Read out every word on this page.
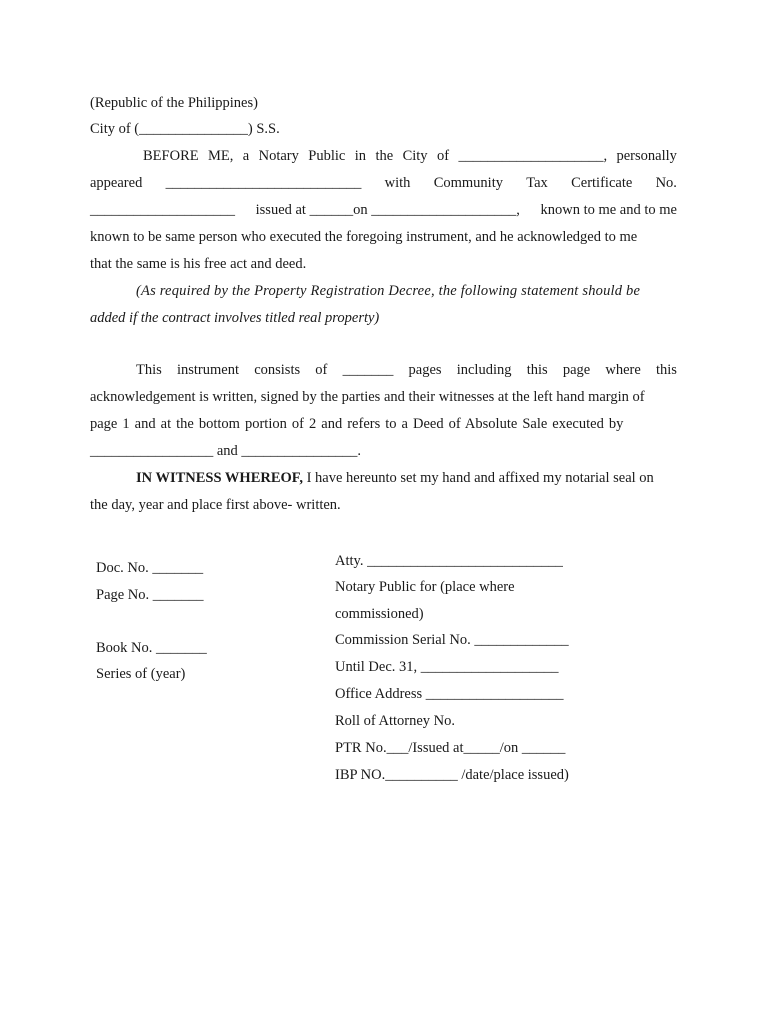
(Republic of the Philippines)
City of (_______________) S.S.
BEFORE ME, a Notary Public in the City of ____________________, personally
appeared ___________________________ with Community Tax Certificate No.
____________________ issued at ______on ____________________, known to me and to me
known to be same person who executed the foregoing instrument, and he acknowledged to me
that the same is his free act and deed.
(As required by the Property Registration Decree, the following statement should be
added if the contract involves titled real property)
This instrument consists of _______ pages including this page where this
acknowledgement is written, signed by the parties and their witnesses at the left hand margin of
page 1 and at the bottom portion of 2 and refers to a Deed of Absolute Sale executed by
_________________ and ________________.
IN WITNESS WHEREOF, I have hereunto set my hand and affixed my notarial seal on
the day, year and place first above- written.
Doc. No. _______
Page No. _______
Book No. _______
Series of (year)
Atty. ___________________________
Notary Public for (place where
commissioned)
Commission Serial No. _____________
Until Dec. 31, ___________________
Office Address ___________________
Roll of Attorney No.
PTR No.___/Issued at_____/on ______
IBP NO.__________ /date/place issued)
